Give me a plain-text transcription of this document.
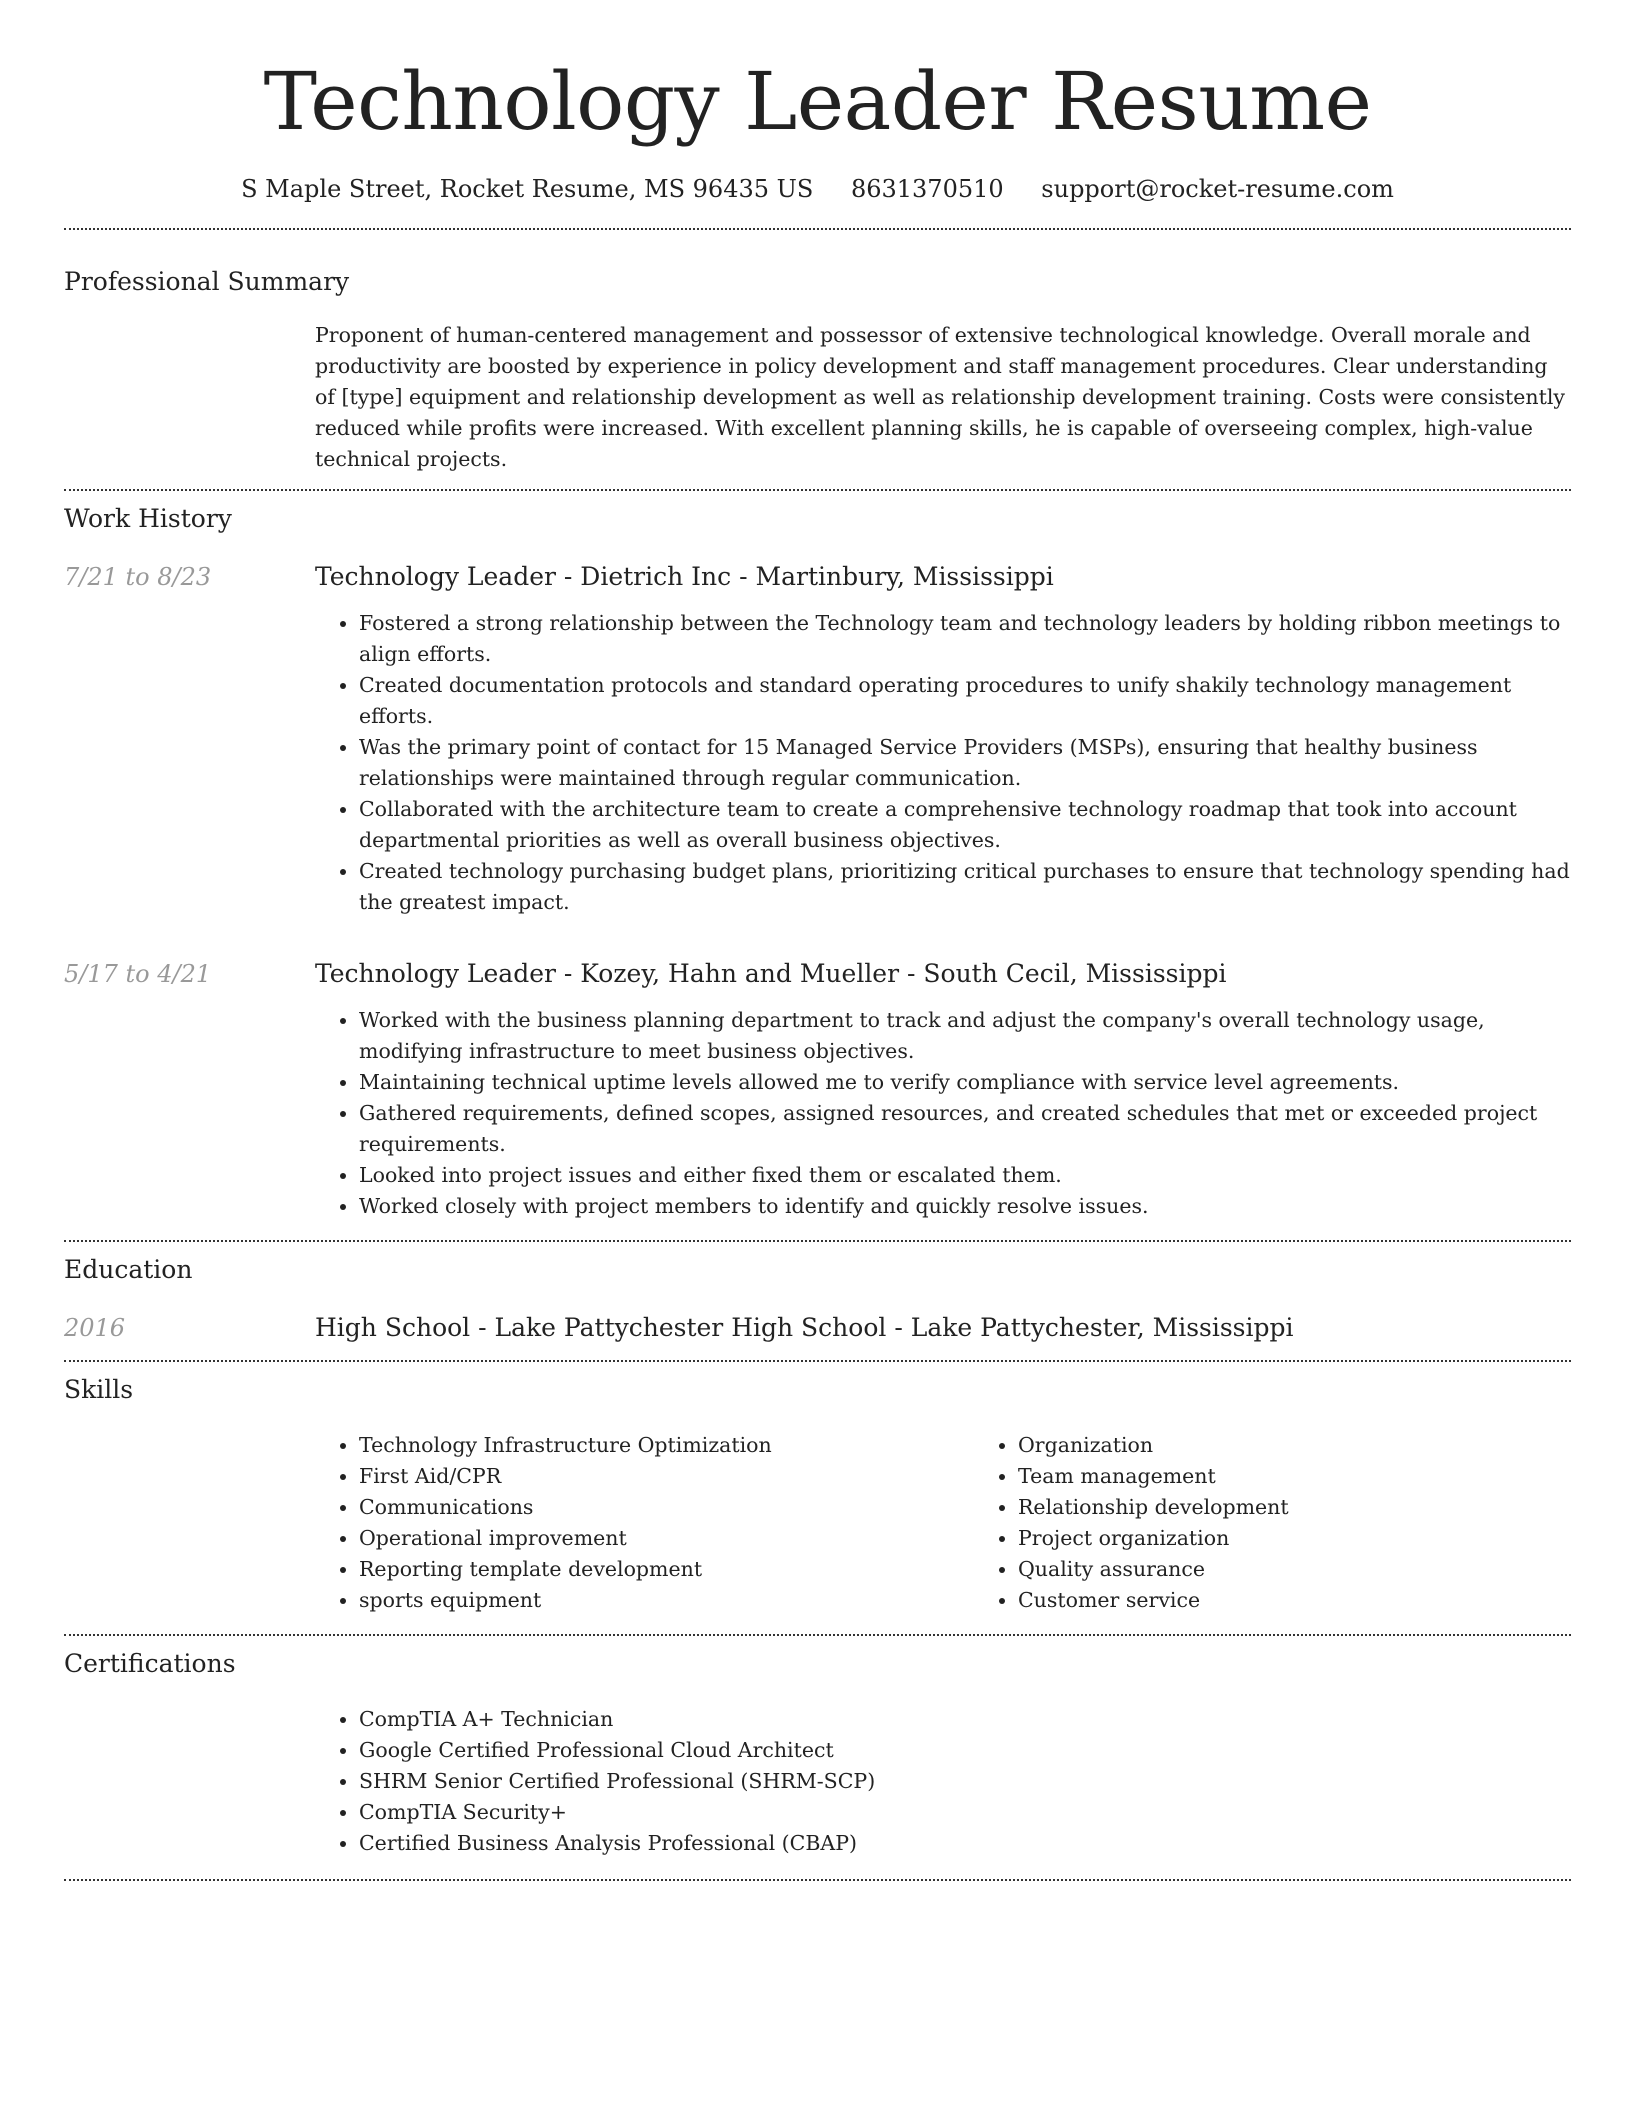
Technology Leader Resume
S Maple Street, Rocket Resume, MS 96435 US 8631370510 support@rocket-resume.com
Professional Summary

Proponent of human-centered management and possessor of extensive technological knowledge. Overall morale and productivity are boosted by experience in policy development and staff management procedures. Clear understanding of [type] equipment and relationship development as well as relationship development training. Costs were consistently reduced while profits were increased. With excellent planning skills, he is capable of overseeing complex, high-value technical projects.

Work History
7/21 to 8/23	Technology Leader - Dietrich Inc - Martinbury, Mississippi
• Fostered a strong relationship between the Technology team and technology leaders by holding ribbon meetings to align efforts.
• Created documentation protocols and standard operating procedures to unify shakily technology management efforts.
• Was the primary point of contact for 15 Managed Service Providers (MSPs), ensuring that healthy business relationships were maintained through regular communication.
• Collaborated with the architecture team to create a comprehensive technology roadmap that took into account departmental priorities as well as overall business objectives.
• Created technology purchasing budget plans, prioritizing critical purchases to ensure that technology spending had the greatest impact.
5/17 to 4/21	Technology Leader - Kozey, Hahn and Mueller - South Cecil, Mississippi
• Worked with the business planning department to track and adjust the company's overall technology usage, modifying infrastructure to meet business objectives.
• Maintaining technical uptime levels allowed me to verify compliance with service level agreements.
• Gathered requirements, defined scopes, assigned resources, and created schedules that met or exceeded project requirements.
• Looked into project issues and either fixed them or escalated them.
• Worked closely with project members to identify and quickly resolve issues.
Education
2016	High School - Lake Pattychester High School - Lake Pattychester, Mississippi
Skills
• Technology Infrastructure Optimization
• First Aid/CPR
• Communications
• Operational improvement
• Reporting template development
• sports equipment
• Organization
• Team management
• Relationship development
• Project organization
• Quality assurance
• Customer service
Certifications
• CompTIA A+ Technician
• Google Certified Professional Cloud Architect
• SHRM Senior Certified Professional (SHRM-SCP)
• CompTIA Security+
• Certified Business Analysis Professional (CBAP)
